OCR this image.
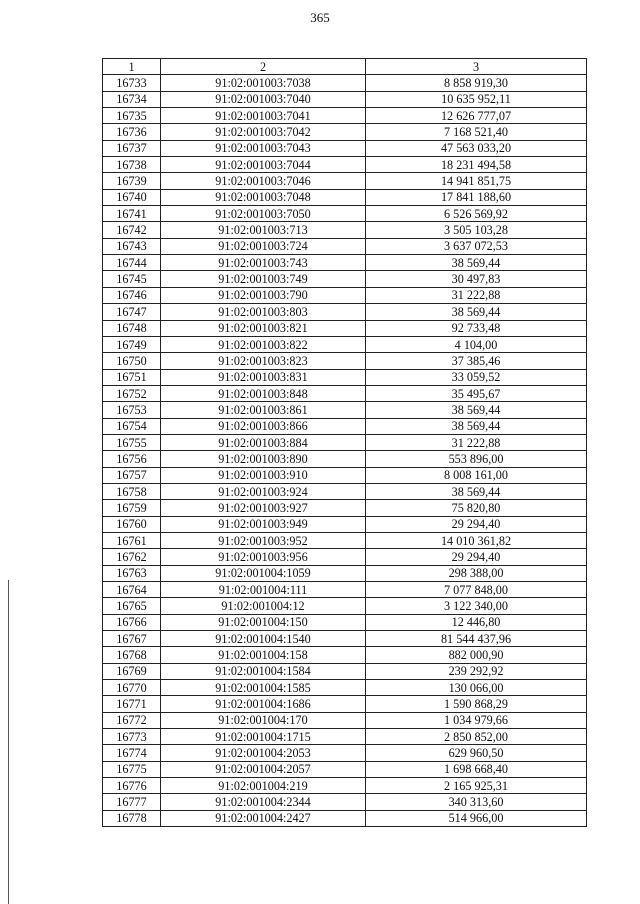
365
1	2	3
16733	91:02:001003:7038	8 858 919,30
16734	91:02:001003:7040	10 635 952,11
16735	91:02:001003:7041	12 626 777,07
16736	91:02:001003:7042	7 168 521,40
16737	91:02:001003:7043	47 563 033,20
16738	91:02:001003:7044	18 231 494,58
16739	91:02:001003:7046	14 941 851,75
16740	91:02:001003:7048	17 841 188,60
16741	91:02:001003:7050	6 526 569,92
16742	91:02:001003:713	3 505 103,28
16743	91:02:001003:724	3 637 072,53
16744	91:02:001003:743	38 569,44
16745	91:02:001003:749	30 497,83
16746	91:02:001003:790	31 222,88
16747	91:02:001003:803	38 569,44
16748	91:02:001003:821	92 733,48
16749	91:02:001003:822	4 104,00
16750	91:02:001003:823	37 385,46
16751	91:02:001003:831	33 059,52
16752	91:02:001003:848	35 495,67
16753	91:02:001003:861	38 569,44
16754	91:02:001003:866	38 569,44
16755	91:02:001003:884	31 222,88
16756	91:02:001003:890	553 896,00
16757	91:02:001003:910	8 008 161,00
16758	91:02:001003:924	38 569,44
16759	91:02:001003:927	75 820,80
16760	91:02:001003:949	29 294,40
16761	91:02:001003:952	14 010 361,82
16762	91:02:001003:956	29 294,40
16763	91:02:001004:1059	298 388,00
16764	91:02:001004:111	7 077 848,00
16765	91:02:001004:12	3 122 340,00
16766	91:02:001004:150	12 446,80
16767	91:02:001004:1540	81 544 437,96
16768	91:02:001004:158	882 000,90
16769	91:02:001004:1584	239 292,92
16770	91:02:001004:1585	130 066,00
16771	91:02:001004:1686	1 590 868,29
16772	91:02:001004:170	1 034 979,66
16773	91:02:001004:1715	2 850 852,00
16774	91:02:001004:2053	629 960,50
16775	91:02:001004:2057	1 698 668,40
16776	91:02:001004:219	2 165 925,31
16777	91:02:001004:2344	340 313,60
16778	91:02:001004:2427	514 966,00
